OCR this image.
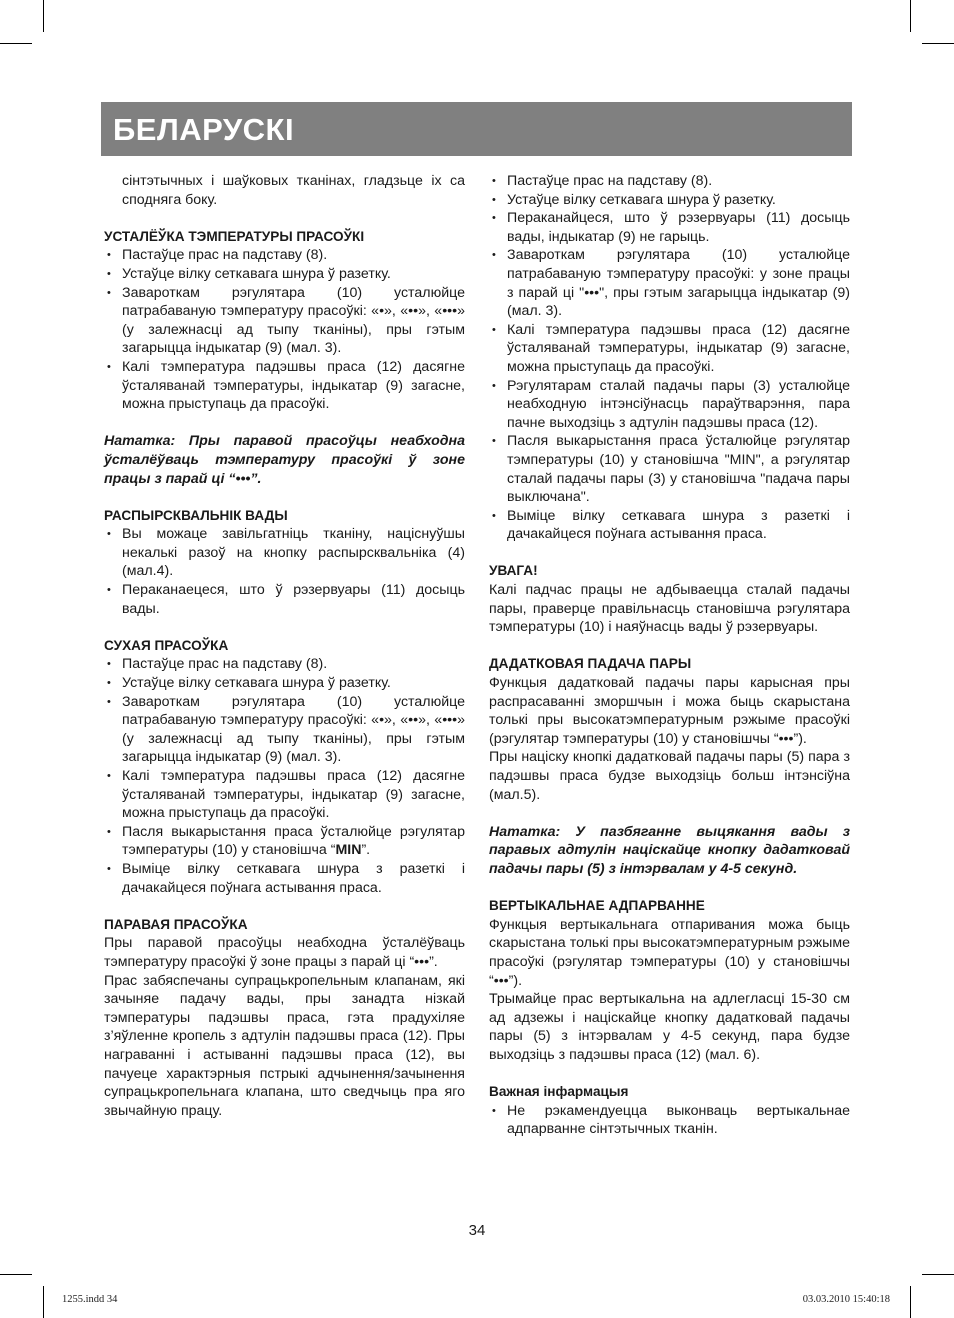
БЕЛАРУСКІ

сінтэтычных і шаўковых тканінах, гладзьце іх са споднягa боку.

УСТАЛЁЎКА ТЭМПЕРАТУРЫ ПРАСОЎКІ

• Пастаўце прас на падставу (8).
• Устаўце вілку сеткавага шнура ў разетку.
• Завароткам рэгулятара (10) усталюйце патрабаваную тэмпературу прасоўкі: «•», «••», «•••» (у залежнасці ад тыпу тканіны), пры гэтым загарыцца індыкатар (9) (мал. 3).
• Калі тэмпература падэшвы праса (12) дасягне ўсталяванай тэмпературы, індыкатар (9) загасне, можна прыступаць да прасоўкі.

Нататка: Пры паравой прасоўцы неабходна ўсталёўваць тэмпературу прасоўкі ў зоне працы з парай ці “•••”.

РАСПЫРСКВАЛЬНІК ВАДЫ

• Вы можаце завільгатніць тканіну, націснуўшы некалькі разоў на кнопку распырсквальніка (4) (мал.4).
• Пераканаецеся, што ў рэзервуары (11) досыць вады.

СУХАЯ ПРАСОЎКА

• Пастаўце прас на падставу (8).
• Устаўце вілку сеткавага шнура ў разетку.
• Завароткам рэгулятара (10) усталюйце патрабаваную тэмпературу прасоўкі: «•», «••», «•••» (у залежнасці ад тыпу тканіны), пры гэтым загарыцца індыкатар (9) (мал. 3).
• Калі тэмпература падэшвы праса (12) дасягне ўсталяванай тэмпературы, індыкатар (9) загасне, можна прыступаць да прасоўкі.
• Пасля выкарыстання праса ўсталюйце рэгулятар тэмпературы (10) у становішча “MIN”.
• Выміце вілку сеткавага шнура з разеткі і дачакайцеся поўнага астывання праса.

ПАРАВАЯ ПРАСОЎКА

Пры паравой прасоўцы неабходна ўсталёўваць тэмпературу прасоўкі ў зоне працы з парай ці “•••”.

Прас забяспечаны супрацькропельным клапанам, які зачыняе падачу вады, пры занадта нізкай тэмпературы падэшвы праса, гэта прадухіляе з’яўленне кропель з адтулін падэшвы праса (12). Пры награванні і астыванні падэшвы праса (12), вы пачуеце характэрныя пстрыкі адчынення/зачынення супрацькропельнага клапана, што сведчыць пра яго звычайную працу.

• Пастаўце прас на падставу (8).
• Устаўце вілку сеткавага шнура ў разетку.
• Пераканайцеся, што ў рэзервуары (11) досыць вады, індыкатар (9) не гарыць.
• Завароткам рэгулятара (10) усталюйце патрабаваную тэмпературу прасоўкі: у зоне працы з парай ці "•••", пры гэтым загарыцца індыкатар (9) (мал. 3).
• Калі тэмпература падэшвы праса (12) дасягне ўсталяванай тэмпературы, індыкатар (9) загасне, можна прыступаць да прасоўкі.
• Рэгулятарам сталай падачы пары (3) усталюйце неабходную інтэнсіўнасць параўтварэння, пара пачне выходзіць з адтулін падэшвы праса (12).
• Пасля выкарыстання праса ўсталюйце рэгулятар тэмпературы (10) у становішча "MIN", а рэгулятар сталай падачы пары (3) у становішча "падача пары выключана".
• Выміце вілку сеткавага шнура з разеткі і дачакайцеся поўнага астывання праса.

УВАГА!

Калі падчас працы не адбываецца сталай падачы пары, праверце правільнасць становішча рэгулятара тэмпературы (10) і наяўнасць вады ў рэзервуары.

ДАДАТКОВАЯ ПАДАЧА ПАРЫ

Функцыя дадатковай падачы пары карысная пры распрасаванні зморшчын і можа быць скарыстана толькі пры высокатэмпературным рэжыме прасоўкі (рэгулятар тэмпературы (10) у становішчы “•••”).

Пры націску кнопкі дадатковай падачы пары (5) пара з падэшвы праса будзе выходзіць больш інтэнсіўна (мал.5).

Нататка: У пазбяганне выцякання вады з паравых адтулін націскайце кнопку дадатковай падачы пары (5) з інтэрвалам у 4-5 секунд.

ВЕРТЫКАЛЬНАЕ АДПАРВАННЕ

Функцыя вертыкальнага отпаривания можа быць скарыстана толькі пры высокатэмпературным рэжыме прасоўкі (рэгулятар тэмпературы (10) у становішчы “•••”).

Трымайце прас вертыкальна на адлегласці 15-30 см ад адзежы і націскайце кнопку дадатковай падачы пары (5) з інтэрвалам у 4-5 секунд, пара будзе выходзіць з падэшвы праса (12) (мал. 6).

Важная інфармацыя

• Не рэкамендуецца выконваць вертыкальнае адпарванне сінтэтычных тканін.
34
1255.indd 34	03.03.2010 15:40:18
